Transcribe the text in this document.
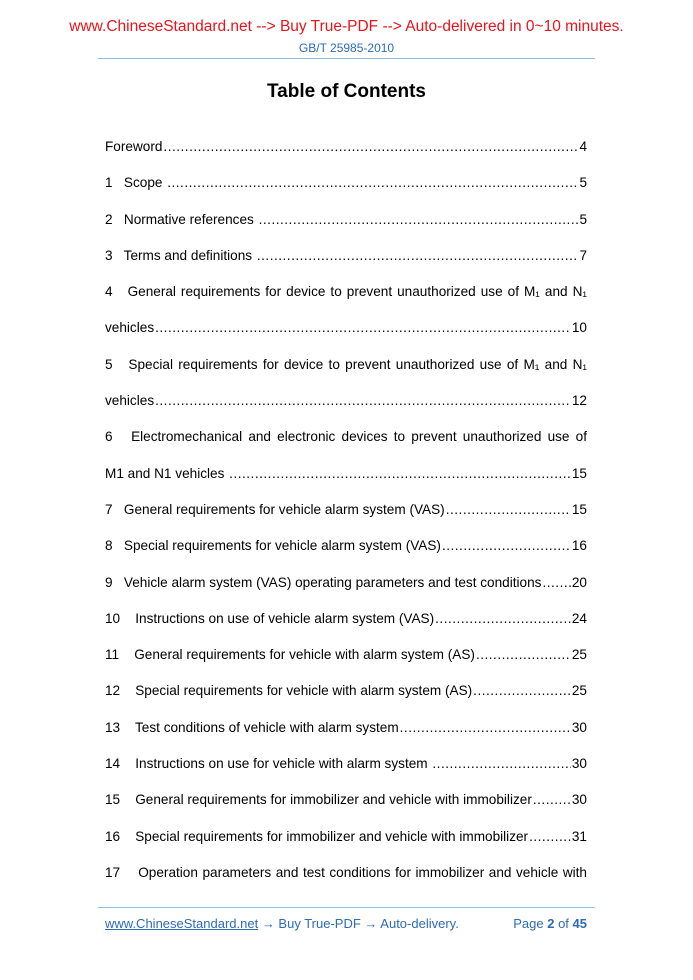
www.ChineseStandard.net --> Buy True-PDF --> Auto-delivered in 0~10 minutes.
GB/T 25985-2010
Table of Contents
Foreword .....	4
1   Scope .....	5
2   Normative references .....	5
3   Terms and definitions .....	7
4   General requirements for device to prevent unauthorized use of M₁ and N₁
vehicles .....	10
5   Special requirements for device to prevent unauthorized use of M₁ and N₁
vehicles .....	12
6   Electromechanical and electronic devices to prevent unauthorized use of
M1 and N1 vehicles .....	15
7   General requirements for vehicle alarm system (VAS) .....	15
8   Special requirements for vehicle alarm system (VAS) .....	16
9   Vehicle alarm system (VAS) operating parameters and test conditions ..... 20
10    Instructions on use of vehicle alarm system (VAS) .....	24
11    General requirements for vehicle with alarm system (AS) .....	25
12    Special requirements for vehicle with alarm system (AS) .....	25
13    Test conditions of vehicle with alarm system .....	30
14    Instructions on use for vehicle with alarm system .....	30
15    General requirements for immobilizer and vehicle with immobilizer .....	30
16    Special requirements for immobilizer and vehicle with immobilizer .....	31
17    Operation parameters and test conditions for immobilizer and vehicle with
www.ChineseStandard.net → Buy True-PDF → Auto-delivery.	Page 2 of 45
